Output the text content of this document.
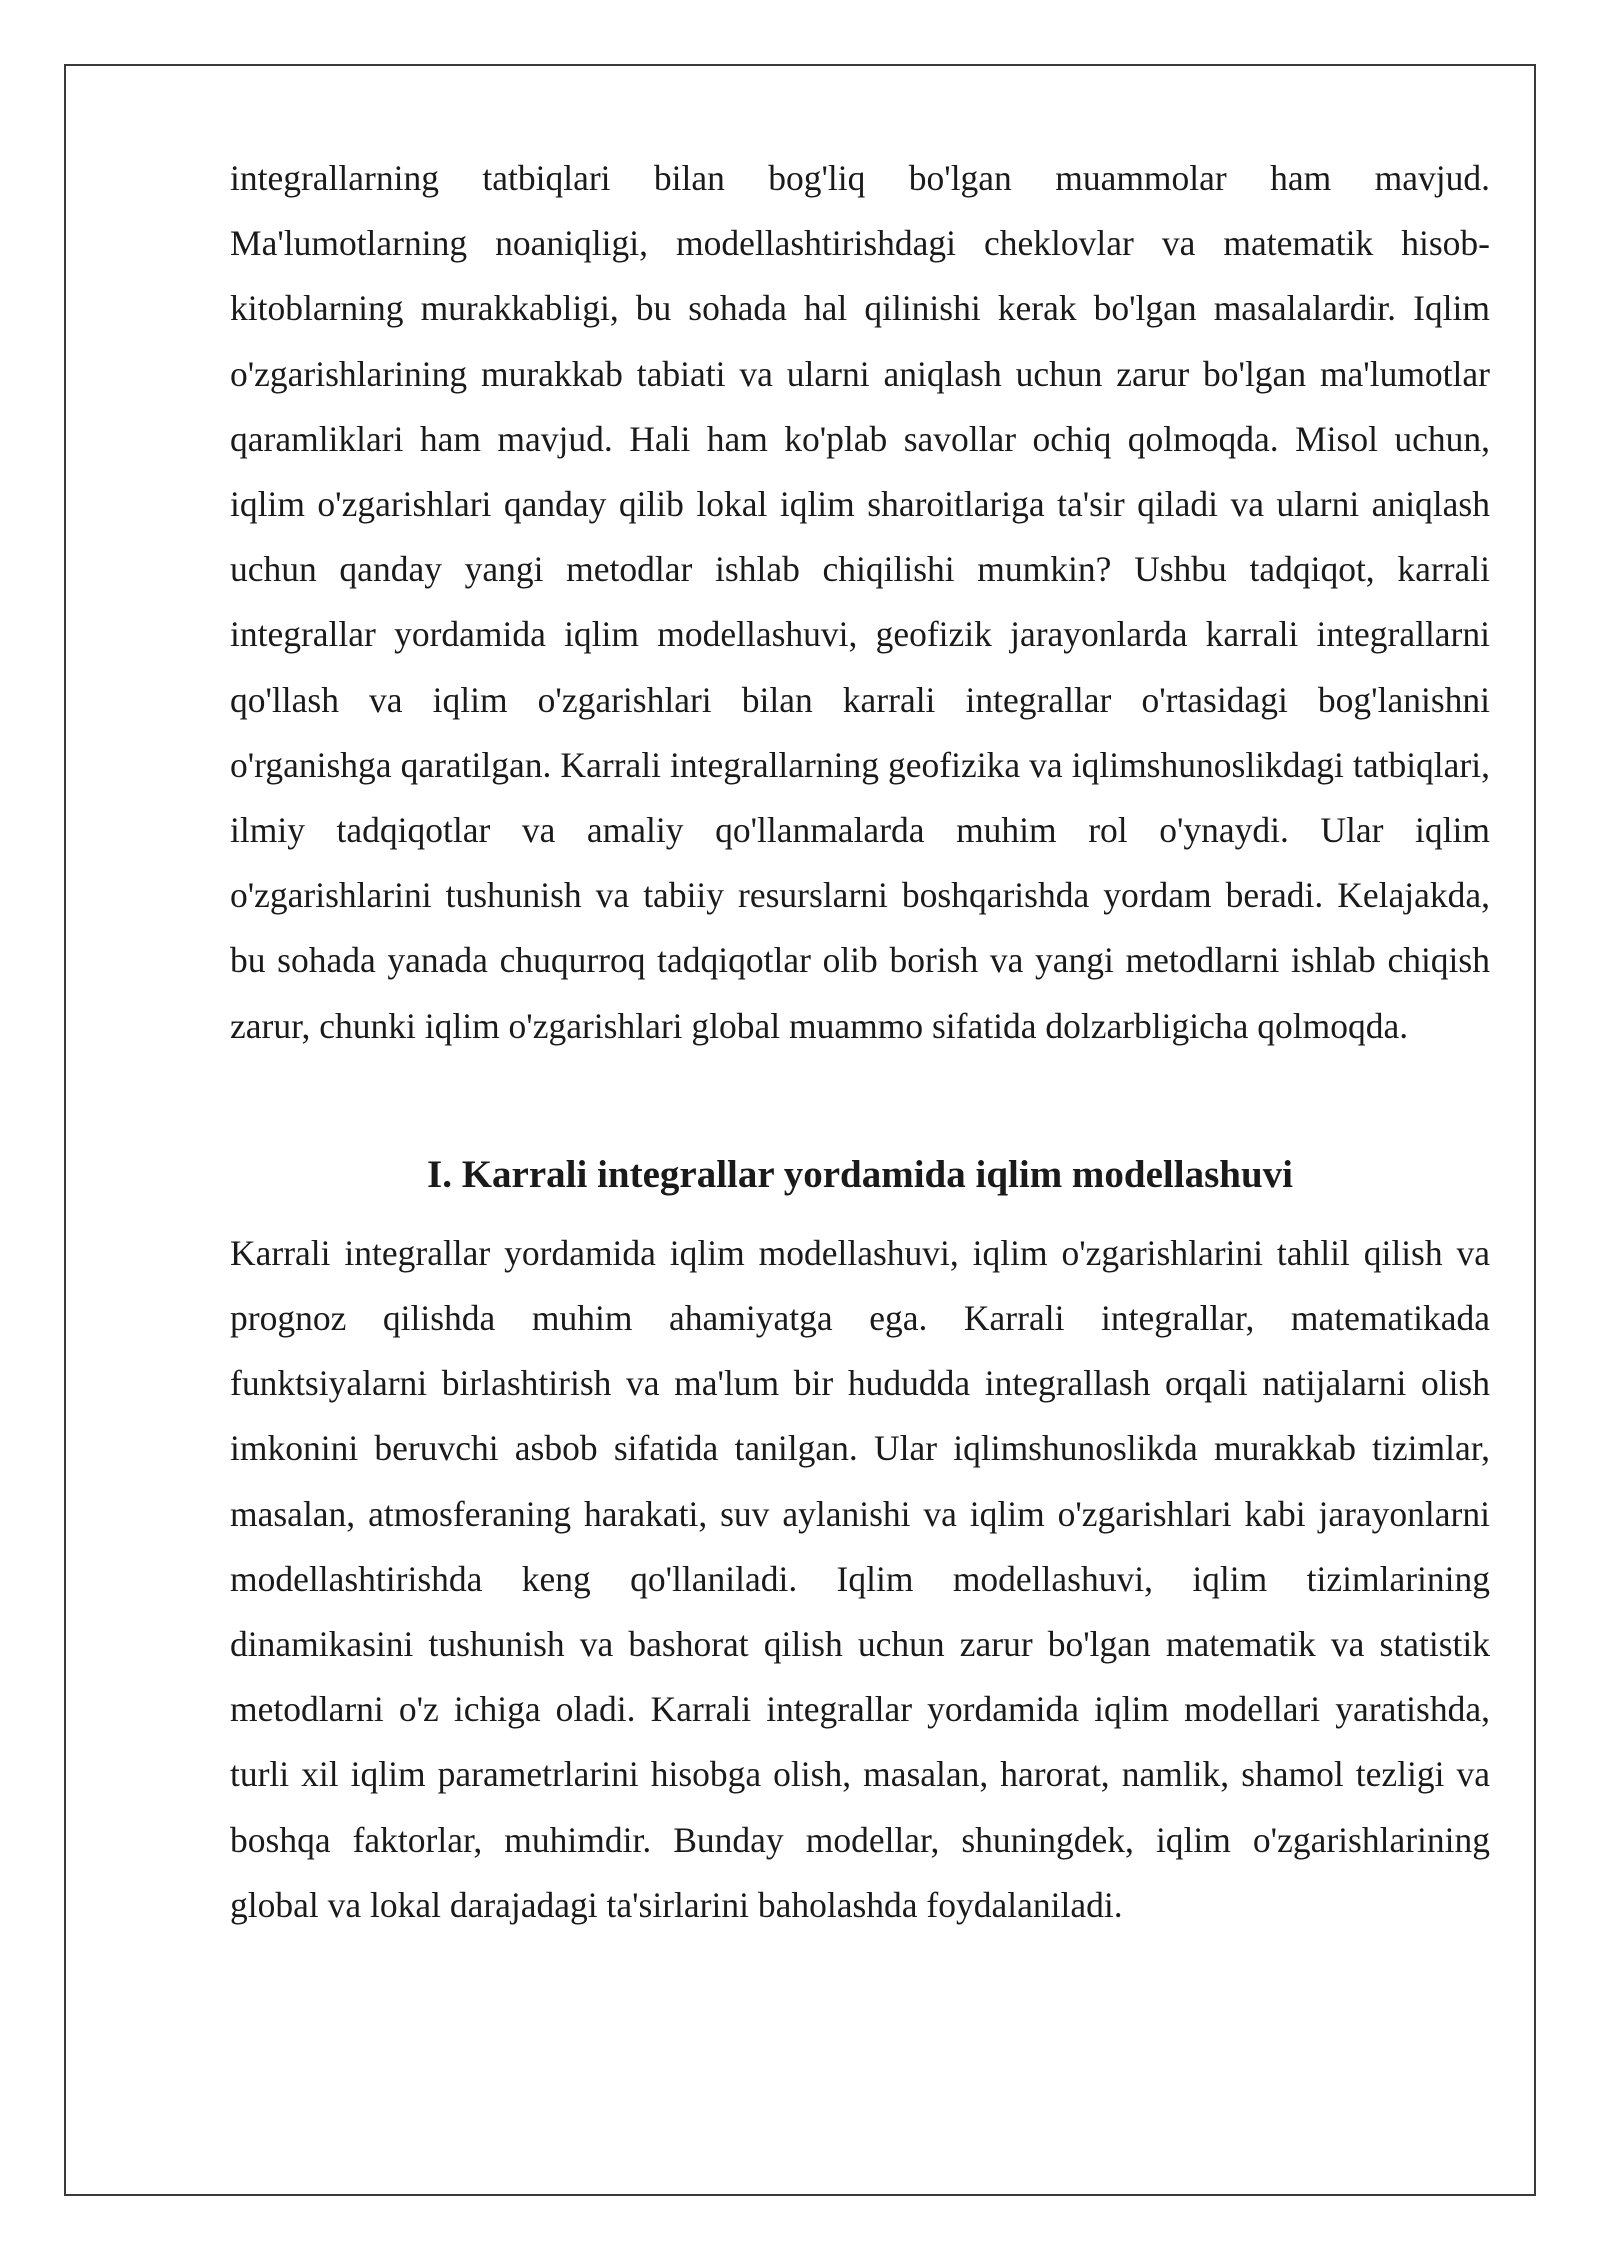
integrallarning tatbiqlari bilan bog'liq bo'lgan muammolar ham mavjud. Ma'lumotlarning noaniqligi, modellashtirishdagi cheklovlar va matematik hisob-kitoblarning murakkabligi, bu sohada hal qilinishi kerak bo'lgan masalalardir. Iqlim o'zgarishlarining murakkab tabiati va ularni aniqlash uchun zarur bo'lgan ma'lumotlar qaramliklari ham mavjud. Hali ham ko'plab savollar ochiq qolmoqda. Misol uchun, iqlim o'zgarishlari qanday qilib lokal iqlim sharoitlariga ta'sir qiladi va ularni aniqlash uchun qanday yangi metodlar ishlab chiqilishi mumkin? Ushbu tadqiqot, karrali integrallar yordamida iqlim modellashuvi, geofizik jarayonlarda karrali integrallarni qo'llash va iqlim o'zgarishlari bilan karrali integrallar o'rtasidagi bog'lanishni o'rganishga qaratilgan. Karrali integrallarning geofizika va iqlimshunoslikdagi tatbiqlari, ilmiy tadqiqotlar va amaliy qo'llanmalarda muhim rol o'ynaydi. Ular iqlim o'zgarishlarini tushunish va tabiiy resurslarni boshqarishda yordam beradi. Kelajakda, bu sohada yanada chuqurroq tadqiqotlar olib borish va yangi metodlarni ishlab chiqish zarur, chunki iqlim o'zgarishlari global muammo sifatida dolzarbligicha qolmoqda.

I. Karrali integrallar yordamida iqlim modellashuvi

Karrali integrallar yordamida iqlim modellashuvi, iqlim o'zgarishlarini tahlil qilish va prognoz qilishda muhim ahamiyatga ega. Karrali integrallar, matematikada funktsiyalarni birlashtirish va ma'lum bir hududda integrallash orqali natijalarni olish imkonini beruvchi asbob sifatida tanilgan. Ular iqlimshunoslikda murakkab tizimlar, masalan, atmosferaning harakati, suv aylanishi va iqlim o'zgarishlari kabi jarayonlarni modellashtirishda keng qo'llaniladi. Iqlim modellashuvi, iqlim tizimlarining dinamikasini tushunish va bashorat qilish uchun zarur bo'lgan matematik va statistik metodlarni o'z ichiga oladi. Karrali integrallar yordamida iqlim modellari yaratishda, turli xil iqlim parametrlarini hisobga olish, masalan, harorat, namlik, shamol tezligi va boshqa faktorlar, muhimdir. Bunday modellar, shuningdek, iqlim o'zgarishlarining global va lokal darajadagi ta'sirlarini baholashda foydalaniladi.
